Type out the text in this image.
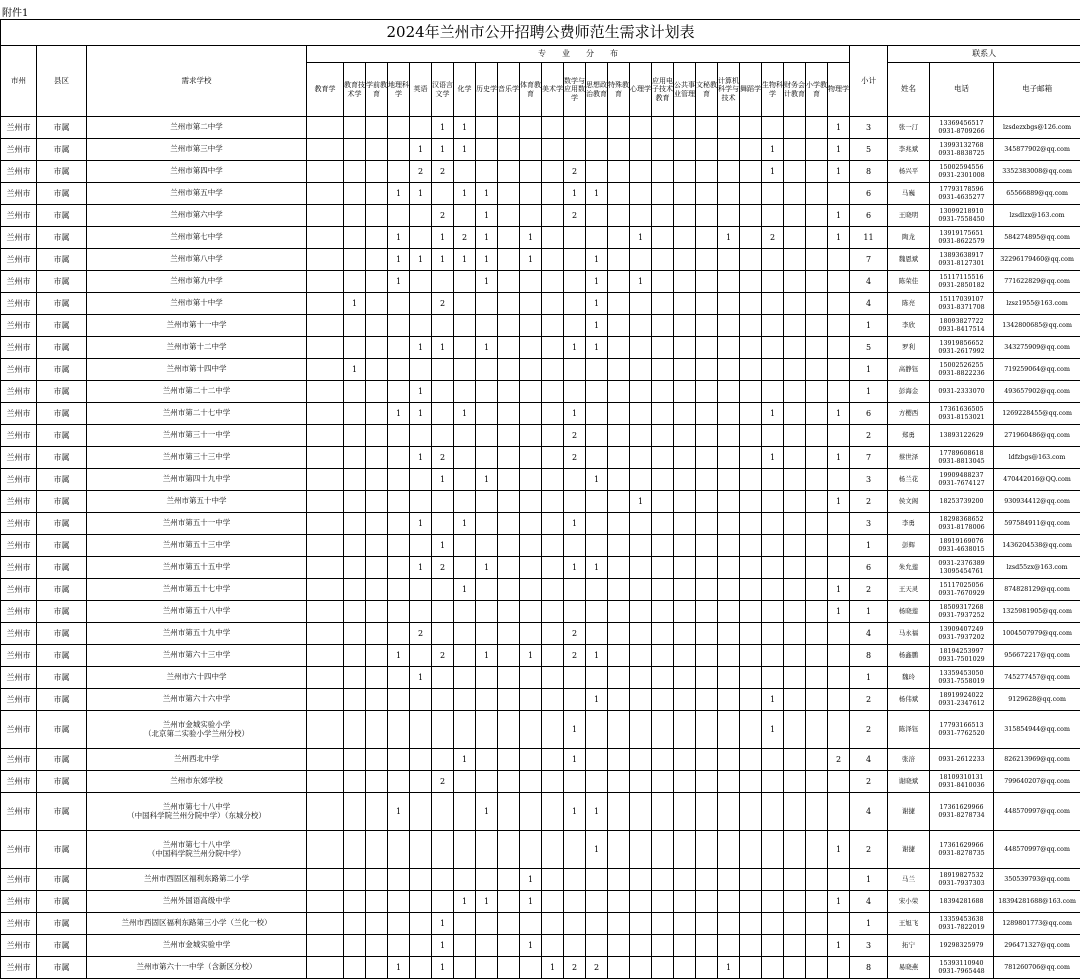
附件1
2024年兰州市公开招聘公费师范生需求计划表																														
市州	县区	需求学校	专　　业　　分　　布																								小计	联系人		
			教育学	教育技术学	学前教育	地理科学	英语	汉语言文学	化学	历史学	音乐学	体育教育	美术学	数学与应用数学	思想政治教育	特殊教育	心理学	应用电子技术教育	公共事业管理	文秘教育	计算机科学与技术	舞蹈学	生物科学	财务会计教育	小学教育	物理学		姓名	电话	电子邮箱
兰州市	市属	兰州市第二中学						1	1																	1	3	张一汀	13369456517
0931-8709266	lzsdezxbgs@126.com
兰州市	市属	兰州市第三中学					1	1	1														1			1	5	李兆斌	13993132768
0931-8838725	345877902@qq.com
兰州市	市属	兰州市第四中学					2	2						2									1			1	8	杨兴平	15002594556
0931-2301008	3352383008@qq.com
兰州市	市属	兰州市第五中学				1	1		1	1				1	1												6	马巍	17793178596
0931-4635277	65566889@qq.com
兰州市	市属	兰州市第六中学						2		1				2												1	6	王晓明	13099218910
0931-7558450	lzsdlzx@163.com
兰州市	市属	兰州市第七中学				1		1	2	1		1					1				1		2			1	11	陶龙	13919175651
0931-8622579	584274895@qq.com
兰州市	市属	兰州市第八中学				1	1	1	1	1		1			1												7	魏恩斌	13893638917
0931-8127301	32296179460@qq.com
兰州市	市属	兰州市第九中学				1				1					1		1										4	陈荣佳	15117115516
0931-2850182	771622829@qq.com
兰州市	市属	兰州市第十中学		1				2							1												4	陈亮	15117039107
0931-8371708	lzsz1955@163.com
兰州市	市属	兰州市第十一中学													1												1	李欣	18093827722
0931-8417514	1342800685@qq.com
兰州市	市属	兰州市第十二中学					1	1		1				1	1												5	罗利	13919856652
0931-2617992	343275909@qq.com
兰州市	市属	兰州市第十四中学		1																							1	高静钰	15002526255
0931-8822236	719259064@qq.com
兰州市	市属	兰州市第二十二中学					1																				1	彭海金	0931-2333070	493657902@qq.com
兰州市	市属	兰州市第二十七中学				1	1		1					1									1			1	6	方樱西	17361636505
0931-8153021	1269228455@qq.com
兰州市	市属	兰州市第三十一中学												2													2	郑勇	13893122629	271960486@qq.com
兰州市	市属	兰州市第三十三中学					1	2						2									1			1	7	蔡世泽	17789608618
0931-8813045	ldfzbgs@163.com
兰州市	市属	兰州市第四十九中学						1		1					1												3	杨兰花	19909488237
0931-7674127	470442016@QQ.com
兰州市	市属	兰州市第五十中学															1									1	2	侯文阁	18253739200	930934412@qq.com
兰州市	市属	兰州市第五十一中学					1		1					1													3	李勇	18298368652
0931-8178006	597584911@qq.com
兰州市	市属	兰州市第五十三中学						1																			1	彭辉	18919169076
0931-4638015	1436204538@qq.com
兰州市	市属	兰州市第五十五中学					1	2		1				1	1												6	朱允莲	0931-2376389
13095454761	lzsd55zx@163.com
兰州市	市属	兰州市第五十七中学							1																	1	2	王天灵	15117025056
0931-7670929	874828129@qq.com
兰州市	市属	兰州市第五十八中学																								1	1	杨晓莲	18509317268
0931-7937252	1325981905@qq.com
兰州市	市属	兰州市第五十九中学					2							2													4	马永福	13909407249
0931-7937202	1004507979@qq.com
兰州市	市属	兰州市第六十三中学				1		2		1		1		2	1												8	杨鑫鹏	18194253997
0931-7501029	956672217@qq.com
兰州市	市属	兰州市六十四中学					1																				1	魏玲	13359453050
0931-7558019	745277457@qq.com
兰州市	市属	兰州市第六十六中学													1								1				2	杨伟斌	18919924022
0931-2347612	9129628@qq.com
兰州市	市属	兰州市金城实验小学
（北京第二实验小学兰州分校）												1									1				2	陈泽钰	17793166513
0931-7762520	315854944@qq.com
兰州市	市属	兰州西北中学							1					1												2	4	张涪	0931-2612233	826213969@qq.com
兰州市	市属	兰州市东郊学校						2																			2	谢晓斌	18109310131
0931-8410036	799640207@qq.com
兰州市	市属	兰州市第七十八中学
（中国科学院兰州分院中学）（东城分校）				1				1				1	1												4	谢捷	17361629966
0931-8278734	448570997@qq.com
兰州市	市属	兰州市第七十八中学
（中国科学院兰州分院中学）													1											1	2	谢捷	17361629966
0931-8278735	448570997@qq.com
兰州市	市属	兰州市西固区福利东路第二小学										1															1	马兰	18919827532
0931-7937303	350539793@qq.com
兰州市	市属	兰州外国语高级中学							1	1		1														1	4	宋小荣	18394281688	18394281688@163.com
兰州市	市属	兰州市西固区福利东路第三小学（兰化一校）						1																			1	王旭飞	13359453638
0931-7822019	1289801773@qq.com
兰州市	市属	兰州市金城实验中学						1				1														1	3	拓宁	19298325979	296471327@qq.com
兰州市	市属	兰州市第六十一中学（含新区分校）				1		1					1	2	2						1						8	易晓燕	15393110940
0931-7965448	781260706@qq.com
